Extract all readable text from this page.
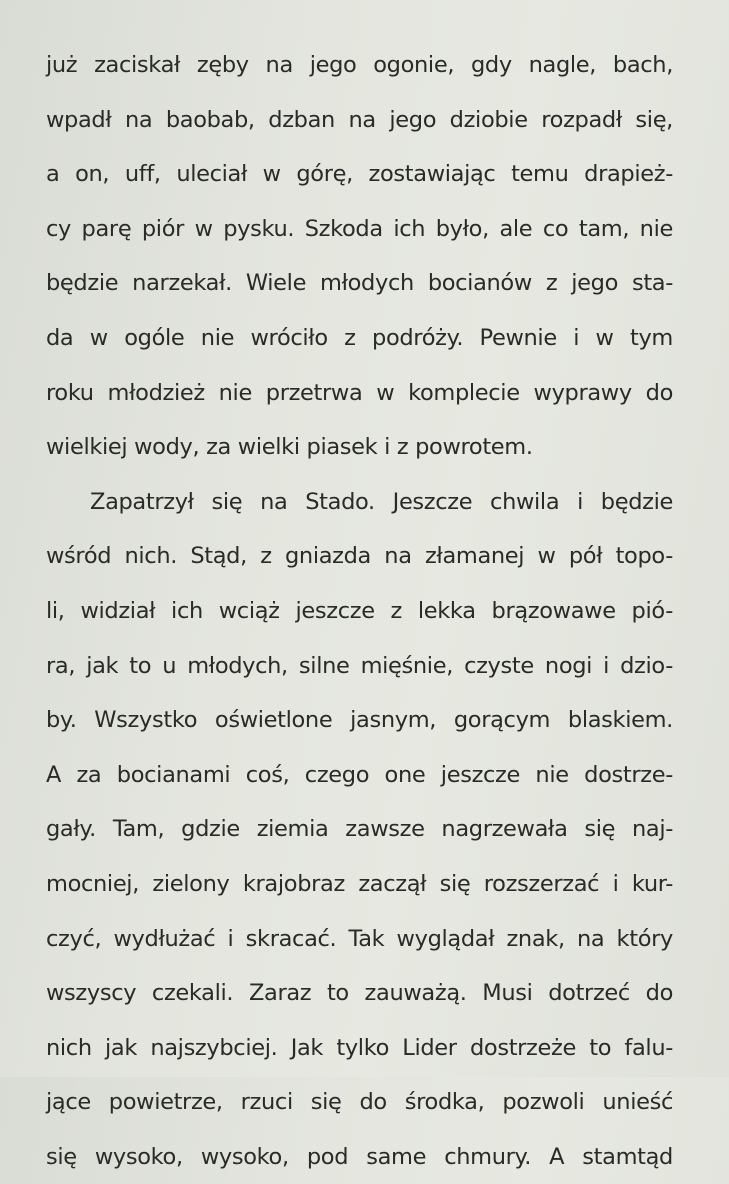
już zaciskał zęby na jego ogonie, gdy nagle, bach,
wpadł na baobab, dzban na jego dziobie rozpadł się,
a on, uff, uleciał w górę, zostawiając temu drapież-
cy parę piór w pysku. Szkoda ich było, ale co tam, nie
będzie narzekał. Wiele młodych bocianów z jego sta-
da w ogóle nie wróciło z podróży. Pewnie i w tym
roku młodzież nie przetrwa w komplecie wyprawy do
wielkiej wody, za wielki piasek i z powrotem.
Zapatrzył się na Stado. Jeszcze chwila i będzie
wśród nich. Stąd, z gniazda na złamanej w pół topo-
li, widział ich wciąż jeszcze z lekka brązowawe pió-
ra, jak to u młodych, silne mięśnie, czyste nogi i dzio-
by. Wszystko oświetlone jasnym, gorącym blaskiem.
A za bocianami coś, czego one jeszcze nie dostrze-
gały. Tam, gdzie ziemia zawsze nagrzewała się naj-
mocniej, zielony krajobraz zaczął się rozszerzać i kur-
czyć, wydłużać i skracać. Tak wyglądał znak, na który
wszyscy czekali. Zaraz to zauważą. Musi dotrzeć do
nich jak najszybciej. Jak tylko Lider dostrzeże to falu-
jące powietrze, rzuci się do środka, pozwoli unieść
się wysoko, wysoko, pod same chmury. A stamtąd
